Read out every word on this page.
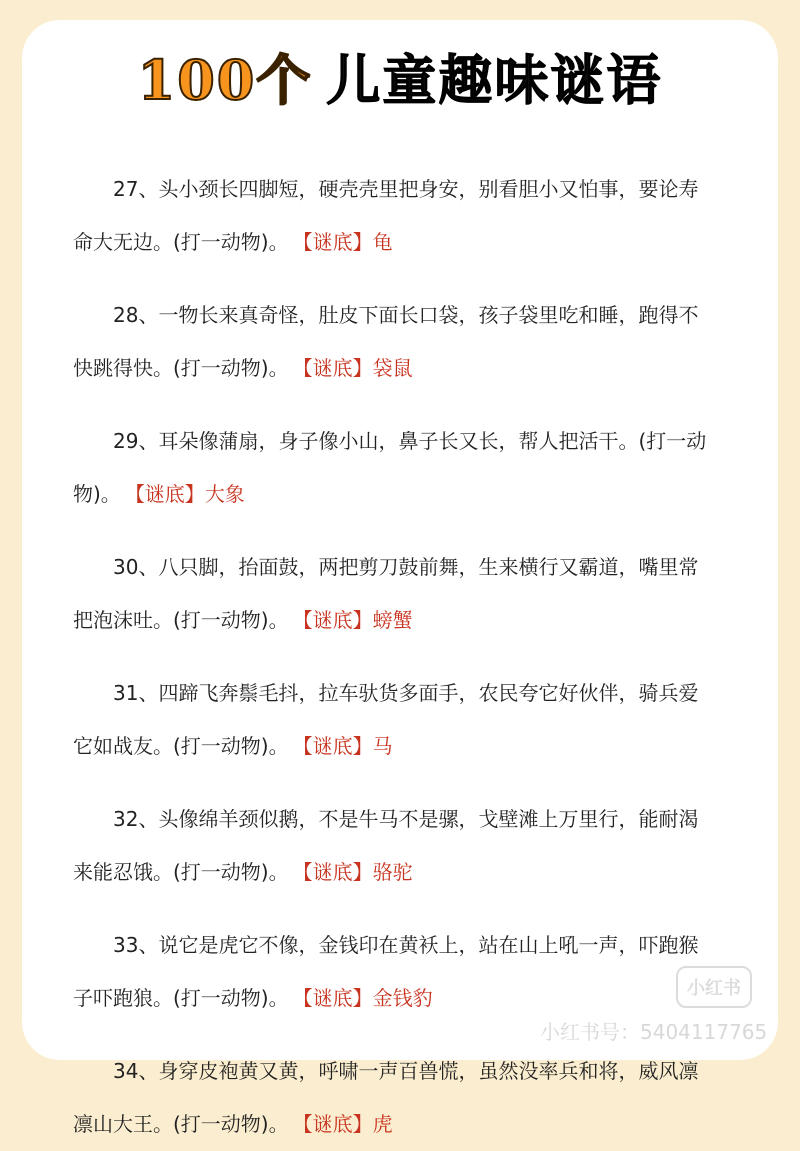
100个 儿童趣味谜语

27、头小颈长四脚短，硬壳壳里把身安，别看胆小又怕事，要论寿命大无边。(打一动物)。 【谜底】龟

28、一物长来真奇怪，肚皮下面长口袋，孩子袋里吃和睡，跑得不快跳得快。(打一动物)。 【谜底】袋鼠

29、耳朵像蒲扇，身子像小山，鼻子长又长，帮人把活干。(打一动物)。 【谜底】大象

30、八只脚，抬面鼓，两把剪刀鼓前舞，生来横行又霸道，嘴里常把泡沫吐。(打一动物)。 【谜底】螃蟹

31、四蹄飞奔鬃毛抖，拉车驮货多面手，农民夸它好伙伴，骑兵爱它如战友。(打一动物)。 【谜底】马

32、头像绵羊颈似鹅，不是牛马不是骡，戈壁滩上万里行，能耐渴来能忍饿。(打一动物)。 【谜底】骆驼

33、说它是虎它不像，金钱印在黄袄上，站在山上吼一声，吓跑猴子吓跑狼。(打一动物)。 【谜底】金钱豹

34、身穿皮袍黄又黄，呼啸一声百兽慌，虽然没率兵和将，威风凛凛山大王。(打一动物)。 【谜底】虎

小红书
小红书号：5404117765
